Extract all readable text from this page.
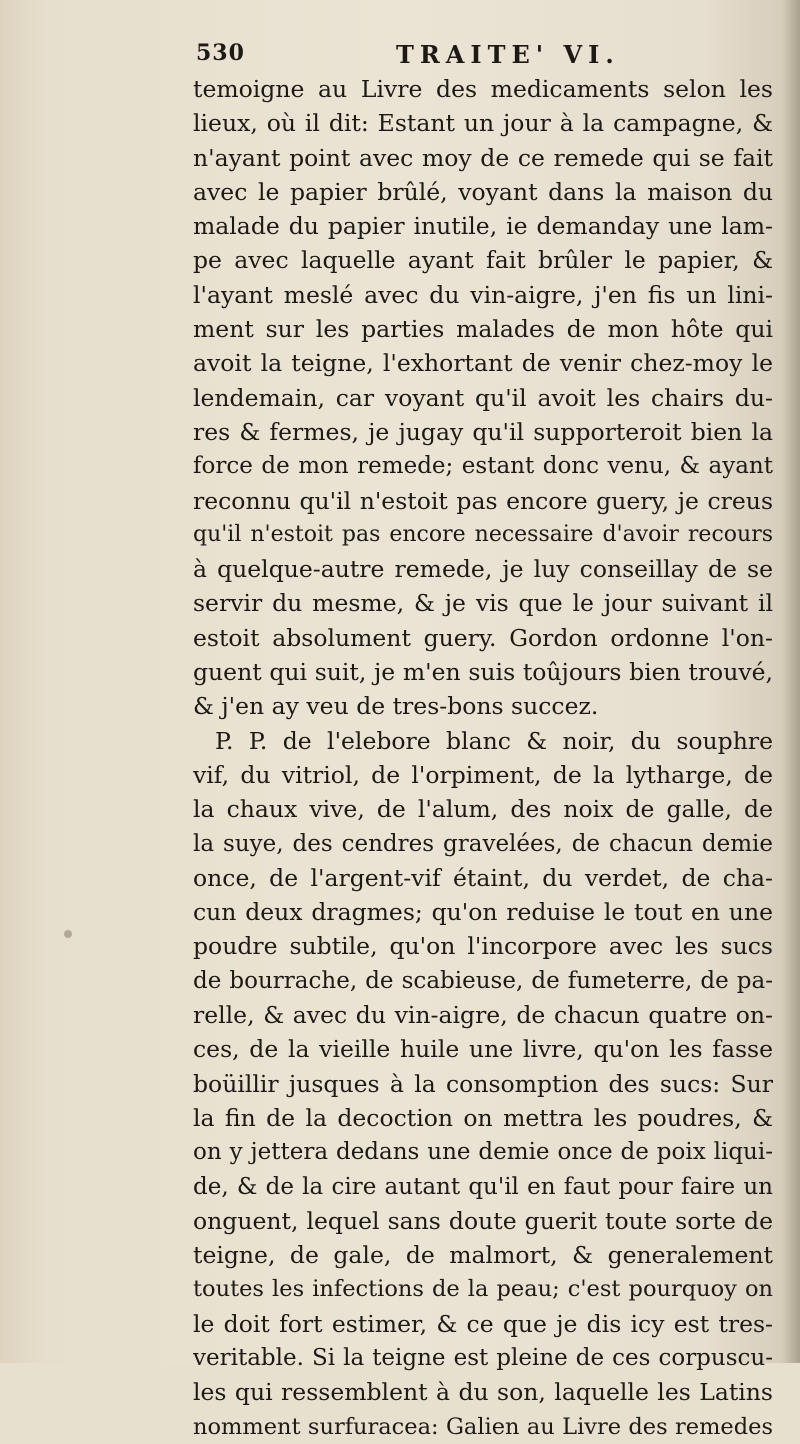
530	TRAITE' VI.
temoigne au Livre des medicaments selon les
lieux, où il dit: Estant un jour à la campagne, &
n'ayant point avec moy de ce remede qui se fait
avec le papier brûlé, voyant dans la maison du
malade du papier inutile, ie demanday une lam-
pe avec laquelle ayant fait brûler le papier, &
l'ayant meslé avec du vin-aigre, j'en fis un lini-
ment sur les parties malades de mon hôte qui
avoit la teigne, l'exhortant de venir chez-moy le
lendemain, car voyant qu'il avoit les chairs du-
res & fermes, je jugay qu'il supporteroit bien la
force de mon remede; estant donc venu, & ayant
reconnu qu'il n'estoit pas encore guery, je creus
qu'il n'estoit pas encore necessaire d'avoir recours
à quelque-autre remede, je luy conseillay de se
servir du mesme, & je vis que le jour suivant il
estoit absolument guery. Gordon ordonne l'on-
guent qui suit, je m'en suis toûjours bien trouvé,
& j'en ay veu de tres-bons succez.
P. P. de l'elebore blanc & noir, du souphre
vif, du vitriol, de l'orpiment, de la lytharge, de
la chaux vive, de l'alum, des noix de galle, de
la suye, des cendres gravelées, de chacun demie
once, de l'argent-vif étaint, du verdet, de cha-
cun deux dragmes; qu'on reduise le tout en une
poudre subtile, qu'on l'incorpore avec les sucs
de bourrache, de scabieuse, de fumeterre, de pa-
relle, & avec du vin-aigre, de chacun quatre on-
ces, de la vieille huile une livre, qu'on les fasse
boüillir jusques à la consomption des sucs: Sur
la fin de la decoction on mettra les poudres, &
on y jettera dedans une demie once de poix liqui-
de, & de la cire autant qu'il en faut pour faire un
onguent, lequel sans doute guerit toute sorte de
teigne, de gale, de malmort, & generalement
toutes les infections de la peau; c'est pourquoy on
le doit fort estimer, & ce que je dis icy est tres-
veritable. Si la teigne est pleine de ces corpuscu-
les qui ressemblent à du son, laquelle les Latins
nomment surfuracea: Galien au Livre des remedes
